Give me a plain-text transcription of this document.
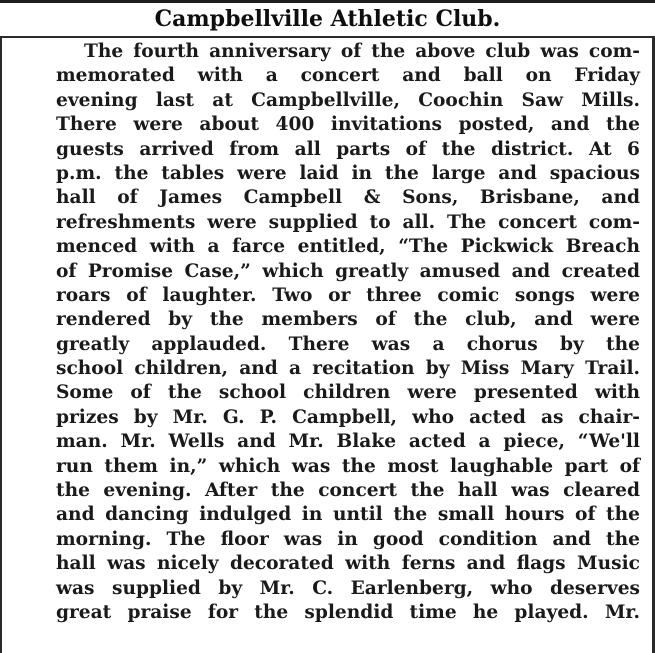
Campbellville Athletic Club.
The fourth anniversary of the above club was com-
memorated with a concert and ball on Friday
evening last at Campbellville, Coochin Saw Mills.
There were about 400 invitations posted, and the
guests arrived from all parts of the district. At 6
p.m. the tables were laid in the large and spacious
hall of James Campbell & Sons, Brisbane, and
refreshments were supplied to all. The concert com-
menced with a farce entitled, “The Pickwick Breach
of Promise Case,” which greatly amused and created
roars of laughter. Two or three comic songs were
rendered by the members of the club, and were
greatly applauded. There was a chorus by the
school children, and a recitation by Miss Mary Trail.
Some of the school children were presented with
prizes by Mr. G. P. Campbell, who acted as chair-
man. Mr. Wells and Mr. Blake acted a piece, “We'll
run them in,” which was the most laughable part of
the evening. After the concert the hall was cleared
and dancing indulged in until the small hours of the
morning. The floor was in good condition and the
hall was nicely decorated with ferns and flags Music
was supplied by Mr. C. Earlenberg, who deserves
great praise for the splendid time he played. Mr.
